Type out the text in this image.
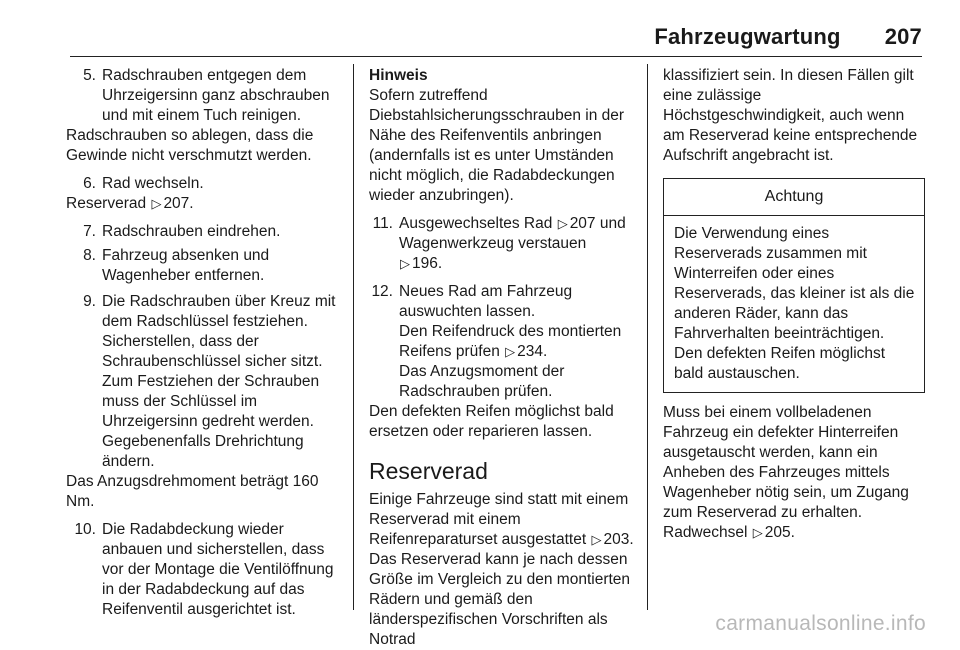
Fahrzeugwartung 207
5. Radschrauben entgegen dem Uhrzeigersinn ganz abschrauben und mit einem Tuch reinigen.

Radschrauben so ablegen, dass die Gewinde nicht verschmutzt werden.

6. Rad wechseln.

Reserverad ▷ 207.

7. Radschrauben eindrehen.
8. Fahrzeug absenken und Wagenheber entfernen.
9. Die Radschrauben über Kreuz mit dem Radschlüssel festziehen. Sicherstellen, dass der Schraubenschlüssel sicher sitzt. Zum Festziehen der Schrauben muss der Schlüssel im Uhrzeigersinn gedreht werden. Gegebenenfalls Drehrichtung ändern.

Das Anzugsdrehmoment beträgt 160 Nm.

10. Die Radabdeckung wieder anbauen und sicherstellen, dass vor der Montage die Ventilöffnung in der Radabdeckung auf das Reifenventil ausgerichtet ist.

Hinweis

Sofern zutreffend Diebstahlsicherungsschrauben in der Nähe des Reifenventils anbringen (andernfalls ist es unter Umständen nicht möglich, die Radabdeckungen wieder anzubringen).

11. Ausgewechseltes Rad ▷ 207 und Wagenwerkzeug verstauen
▷ 196.
12. Neues Rad am Fahrzeug auswuchten lassen.

Den Reifendruck des montierten Reifens prüfen ▷ 234.

Das Anzugsmoment der Radschrauben prüfen.

Den defekten Reifen möglichst bald ersetzen oder reparieren lassen.

Reserverad

Einige Fahrzeuge sind statt mit einem Reserverad mit einem Reifenreparaturset ausgestattet ▷ 203.

Das Reserverad kann je nach dessen Größe im Vergleich zu den montierten Rädern und gemäß den länderspezifischen Vorschriften als Notrad

klassifiziert sein. In diesen Fällen gilt eine zulässige Höchstgeschwindigkeit, auch wenn am Reserverad keine entsprechende Aufschrift angebracht ist.

Achtung
Die Verwendung eines Reserverads zusammen mit Winterreifen oder eines Reserverads, das kleiner ist als die anderen Räder, kann das Fahrverhalten beeinträchtigen. Den defekten Reifen möglichst bald austauschen.

Muss bei einem vollbeladenen Fahrzeug ein defekter Hinterreifen ausgetauscht werden, kann ein Anheben des Fahrzeuges mittels Wagenheber nötig sein, um Zugang zum Reserverad zu erhalten.

Radwechsel ▷ 205.

carmanualsonline.info
